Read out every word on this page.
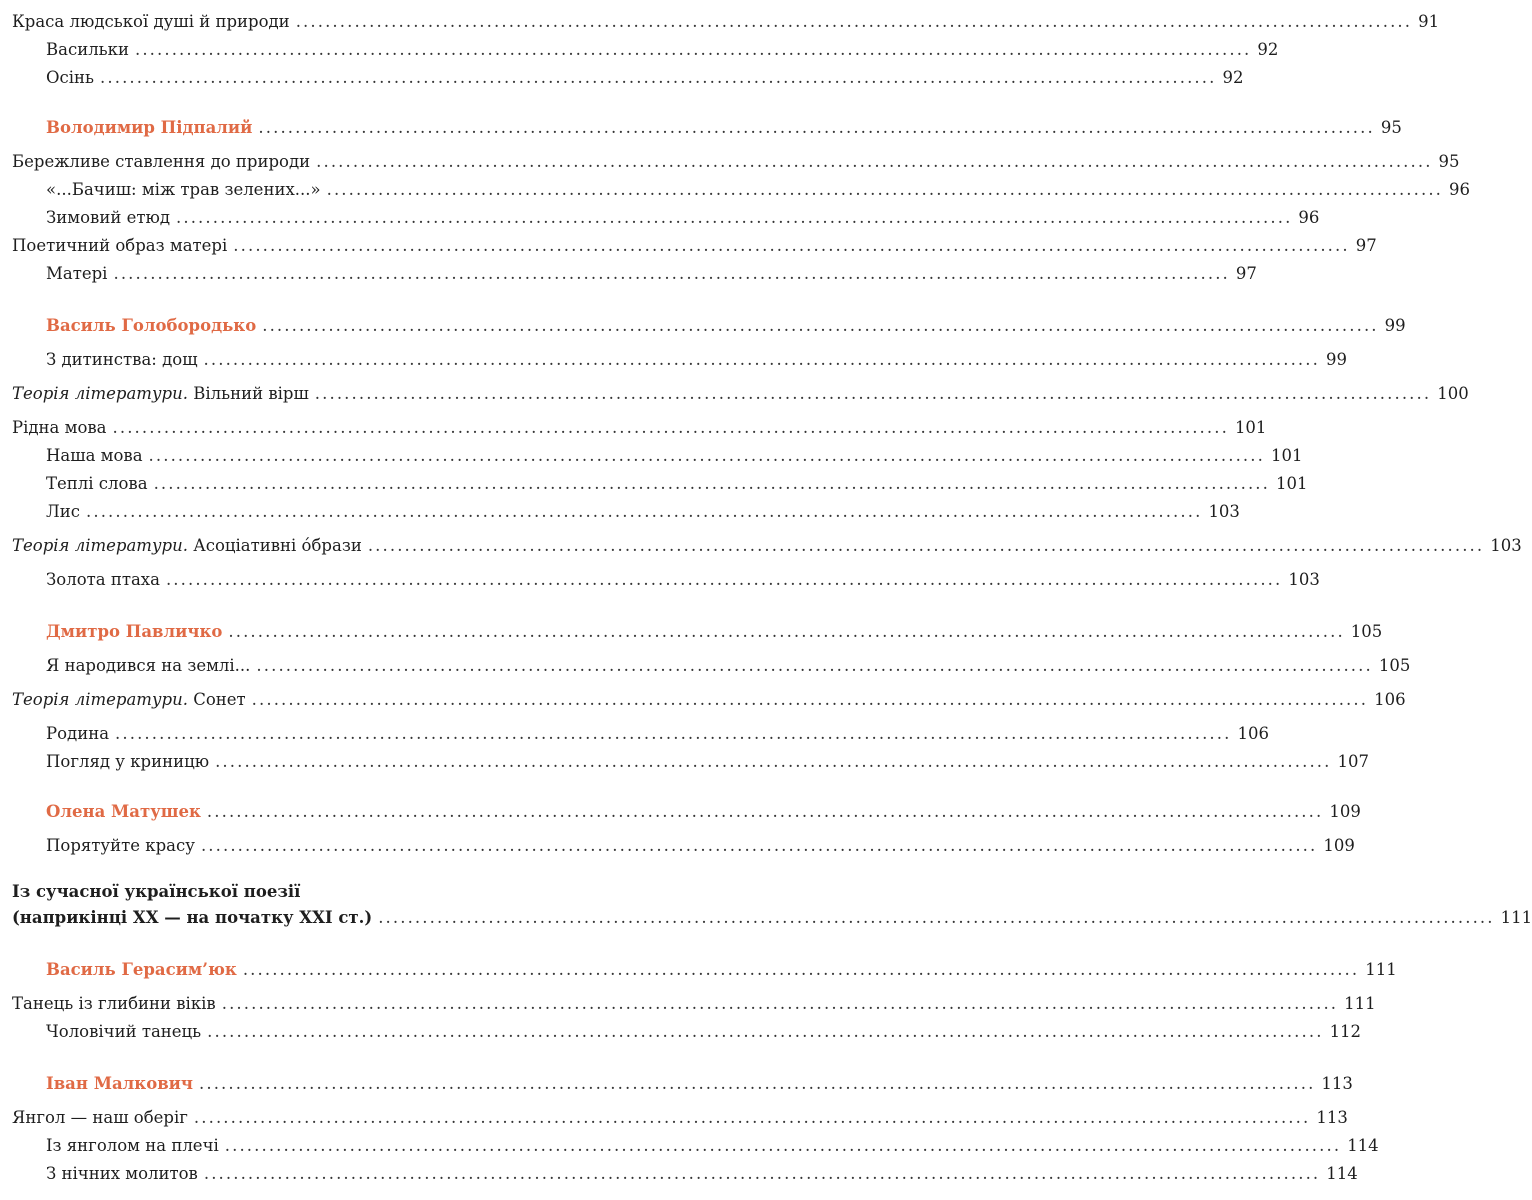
Краса людської душі й природи ........................................................................................................................................................ 91
Васильки ........................................................................................................................................................ 92
Осінь ........................................................................................................................................................ 92
Володимир Підпалий ........................................................................................................................................................ 95
Бережливе ставлення до природи ........................................................................................................................................................ 95
«...Бачиш: між трав зелених...» ........................................................................................................................................................ 96
Зимовий етюд ........................................................................................................................................................ 96
Поетичний образ матері ........................................................................................................................................................ 97
Матері ........................................................................................................................................................ 97
Василь Голобородько ........................................................................................................................................................ 99
З дитинства: дощ ........................................................................................................................................................ 99
Теорія літератури. Вільний вірш ........................................................................................................................................................ 100
Рідна мова ........................................................................................................................................................ 101
Наша мова ........................................................................................................................................................ 101
Теплі слова ........................................................................................................................................................ 101
Лис ........................................................................................................................................................ 103
Теорія літератури. Асоціативні óбрази ........................................................................................................................................................ 103
Золота птаха ........................................................................................................................................................ 103
Дмитро Павличко ........................................................................................................................................................ 105
Я народився на землі... ........................................................................................................................................................ 105
Теорія літератури. Сонет ........................................................................................................................................................ 106
Родина ........................................................................................................................................................ 106
Погляд у криницю ........................................................................................................................................................ 107
Олена Матушек ........................................................................................................................................................ 109
Порятуйте красу ........................................................................................................................................................ 109
Із сучасної української поезії
(наприкінці XX — на початку XXI ст.) ........................................................................................................................................................ 111
Василь Герасим’юк ........................................................................................................................................................ 111
Танець із глибини віків ........................................................................................................................................................ 111
Чоловічий танець ........................................................................................................................................................ 112
Іван Малкович ........................................................................................................................................................ 113
Янгол — наш оберіг ........................................................................................................................................................ 113
Із янголом на плечі ........................................................................................................................................................ 114
З нічних молитов ........................................................................................................................................................ 114
